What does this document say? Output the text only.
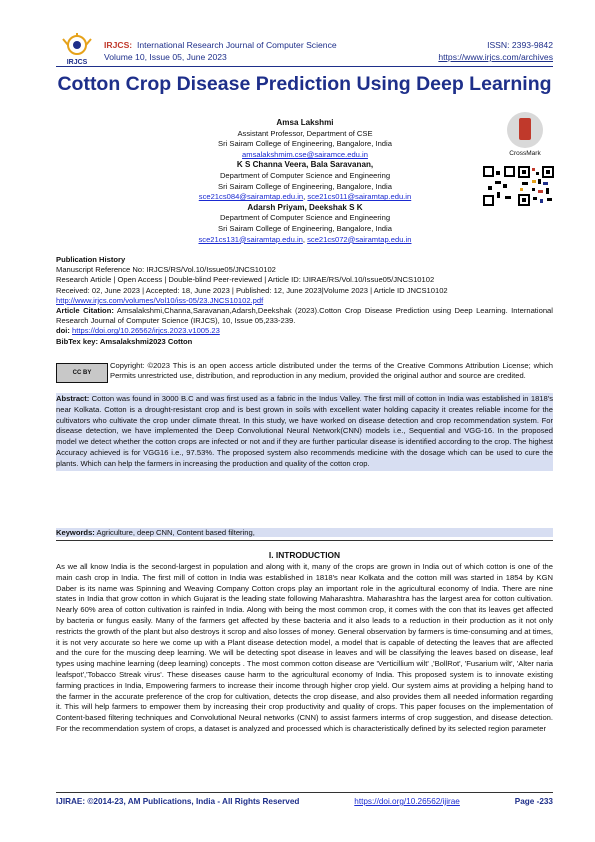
IRJCS
IRJCS: International Research Journal of Computer Science
Volume 10, Issue 05, June 2023
ISSN: 2393-9842
https://www.irjcs.com/archives
Cotton Crop Disease Prediction Using Deep Learning
Amsa Lakshmi
Assistant Professor, Department of CSE
Sri Sairam College of Engineering, Bangalore, India
amsalakshmim.cse@sairamce.edu.in
K S Channa Veera, Bala Saravanan,
Department of Computer Science and Engineering
Sri Sairam College of Engineering, Bangalore, India
sce21cs084@sairamtap.edu.in, sce21cs011@sairamtap.edu.in
Adarsh Priyam, Deekshak S K
Department of Computer Science and Engineering
Sri Sairam College of Engineering, Bangalore, India
sce21cs131@sairamtap.edu.in, sce21cs072@sairamtap.edu.in
CrossMark
Publication History
Manuscript Reference No: IRJCS/RS/Vol.10/Issue05/JNCS10102
Research Article | Open Access | Double-blind Peer-reviewed | Article ID: IJIRAE/RS/Vol.10/Issue05/JNCS10102
Received: 02, June 2023 | Accepted: 18, June 2023 | Published: 12, June 2023|Volume 2023 | Article ID JNCS10102
http://www.irjcs.com/volumes/Vol10/iss-05/23.JNCS10102.pdf
Article Citation: Amsalakshmi,Channa,Saravanan,Adarsh,Deekshak (2023).Cotton Crop Disease Prediction using Deep Learning. International Research Journal of Computer Science (IRJCS), 10, Issue 05,233-239.
doi: https://doi.org/10.26562/irjcs.2023.v1005.23
BibTex key: Amsalakshmi2023 Cotton
CC BY
Copyright: ©2023 This is an open access article distributed under the terms of the Creative Commons Attribution License; which Permits unrestricted use, distribution, and reproduction in any medium, provided the original author and source are credited.
Abstract: Cotton was found in 3000 B.C and was first used as a fabric in the Indus Valley. The first mill of cotton in India was established in 1818's near Kolkata. Cotton is a drought-resistant crop and is best grown in soils with excellent water holding capacity it creates reliable income for the cultivators who cultivate the crop under climate threat. In this study, we have worked on disease detection and crop recommendation system. For disease detection, we have implemented the Deep Convolutional Neural Network(CNN) models i.e., Sequential and VGG-16. In the proposed model we detect whether the cotton crops are infected or not and if they are further particular disease is identified according to the crop. The highest Accuracy achieved is for VGG16 i.e., 97.53%. The proposed system also recommends medicine with the dosage which can be used to cure the plants. Which can help the farmers in increasing the production and quality of the cotton crop.
Keywords: Agriculture, deep CNN, Content based filtering,
I. INTRODUCTION
As we all know India is the second-largest in population and along with it, many of the crops are grown in India out of which cotton is one of the main cash crop in India. The first mill of cotton in India was established in 1818's near Kolkata and the cotton mill was started in 1854 by KGN Daber is its name was Spinning and Weaving Company Cotton crops play an important role in the agricultural economy of India. There are nine states in India that grow cotton in which Gujarat is the leading state following Maharashtra. Maharashtra has the largest area for cotton cultivation. Nearly 60% area of cotton cultivation is rainfed in India. Along with being the most common crop, it comes with the con that its leaves get affected by bacteria or fungus easily. Many of the farmers get affected by these bacteria and it also leads to a reduction in their production as it not only restricts the growth of the plant but also destroys it scrop and also losses of money. General observation by farmers is time-consuming and at times, it is not very accurate so here we come up with a Plant disease detection model, a model that is capable of detecting the leaves that are affected and the cure for the muscing deep learning. We will be detecting spot disease in leaves and will be classifying the leaves based on disease, leaf types using machine learning (deep learning) concepts . The most common cotton disease are 'Verticillium wilt' ,'BollRot', 'Fusarium wilt', 'Alter naria leafspot','Tobacco Streak virus'. These diseases cause harm to the agricultural economy of India. This proposed system is to innovate existing farming practices in India, Empowering farmers to increase their income through higher crop yield. Our system aims at providing a helping hand to the farmer in the accurate preference of the crop for cultivation, detects the crop disease, and also provides them all needed information regarding it. This will help farmers to empower them by increasing their crop productivity and quality of crops. This paper focuses on the implementation of Content-based filtering techniques and Convolutional Neural networks (CNN) to assist farmers interms of crop suggestion, and disease detection. For the recommendation system of crops, a dataset is analyzed and processed which is characteristically defined by its selected region parameter
IJIRAE: ©2014-23, AM Publications, India - All Rights Reserved	https://doi.org/10.26562/ijirae	Page -233
